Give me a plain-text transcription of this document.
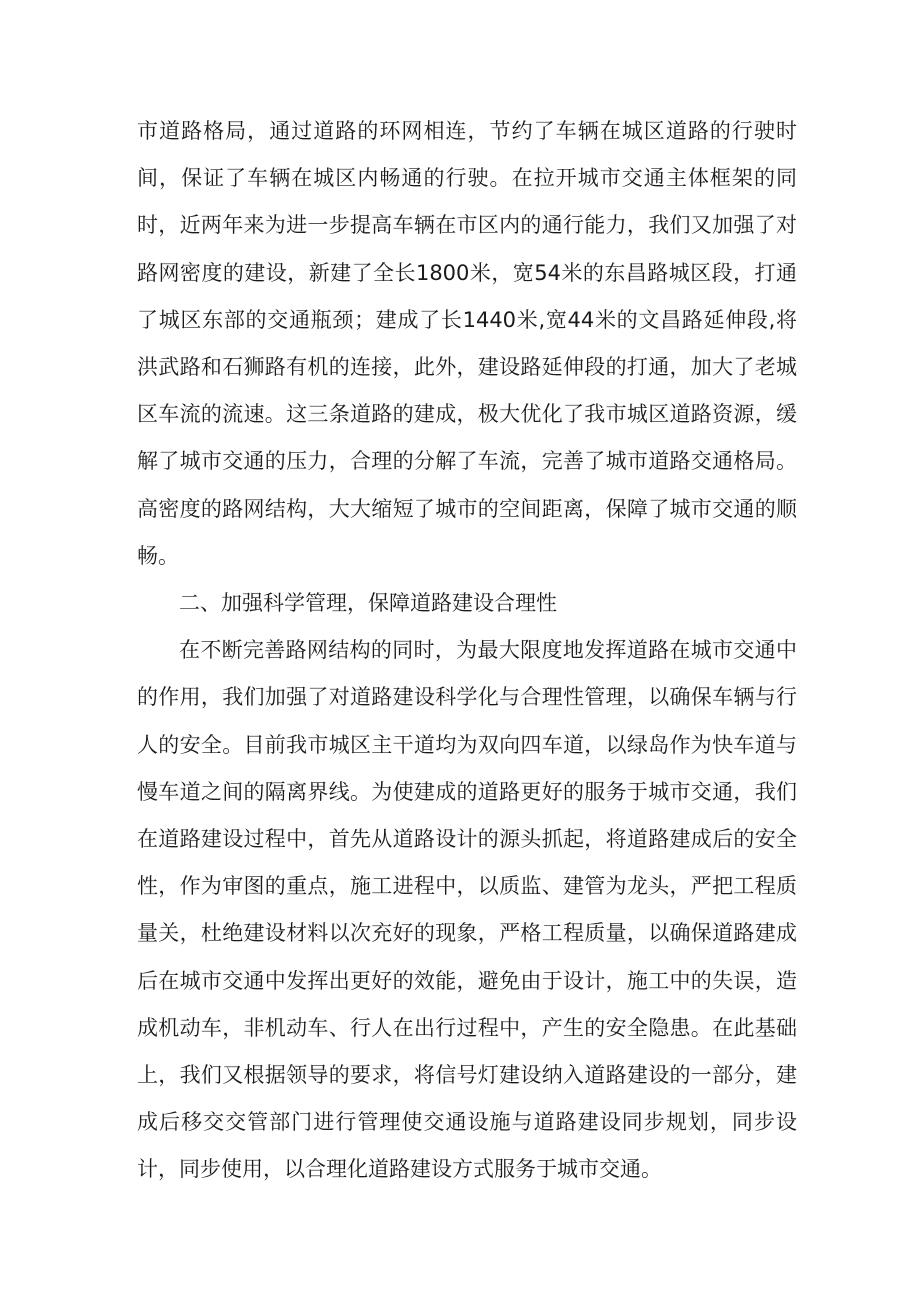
市道路格局，通过道路的环网相连，节约了车辆在城区道路的行驶时间，保证了车辆在城区内畅通的行驶。在拉开城市交通主体框架的同时，近两年来为进一步提高车辆在市区内的通行能力，我们又加强了对路网密度的建设，新建了全长1800米，宽54米的东昌路城区段，打通了城区东部的交通瓶颈；建成了长1440米,宽44米的文昌路延伸段,将洪武路和石狮路有机的连接，此外，建设路延伸段的打通，加大了老城区车流的流速。这三条道路的建成，极大优化了我市城区道路资源，缓解了城市交通的压力，合理的分解了车流，完善了城市道路交通格局。高密度的路网结构，大大缩短了城市的空间距离，保障了城市交通的顺畅。

二、加强科学管理，保障道路建设合理性

在不断完善路网结构的同时，为最大限度地发挥道路在城市交通中的作用，我们加强了对道路建设科学化与合理性管理，以确保车辆与行人的安全。目前我市城区主干道均为双向四车道，以绿岛作为快车道与慢车道之间的隔离界线。为使建成的道路更好的服务于城市交通，我们在道路建设过程中，首先从道路设计的源头抓起，将道路建成后的安全性，作为审图的重点，施工进程中，以质监、建管为龙头，严把工程质量关，杜绝建设材料以次充好的现象，严格工程质量，以确保道路建成后在城市交通中发挥出更好的效能，避免由于设计，施工中的失误，造成机动车，非机动车、行人在出行过程中，产生的安全隐患。在此基础上，我们又根据领导的要求，将信号灯建设纳入道路建设的一部分，建成后移交交管部门进行管理使交通设施与道路建设同步规划，同步设计，同步使用，以合理化道路建设方式服务于城市交通。
